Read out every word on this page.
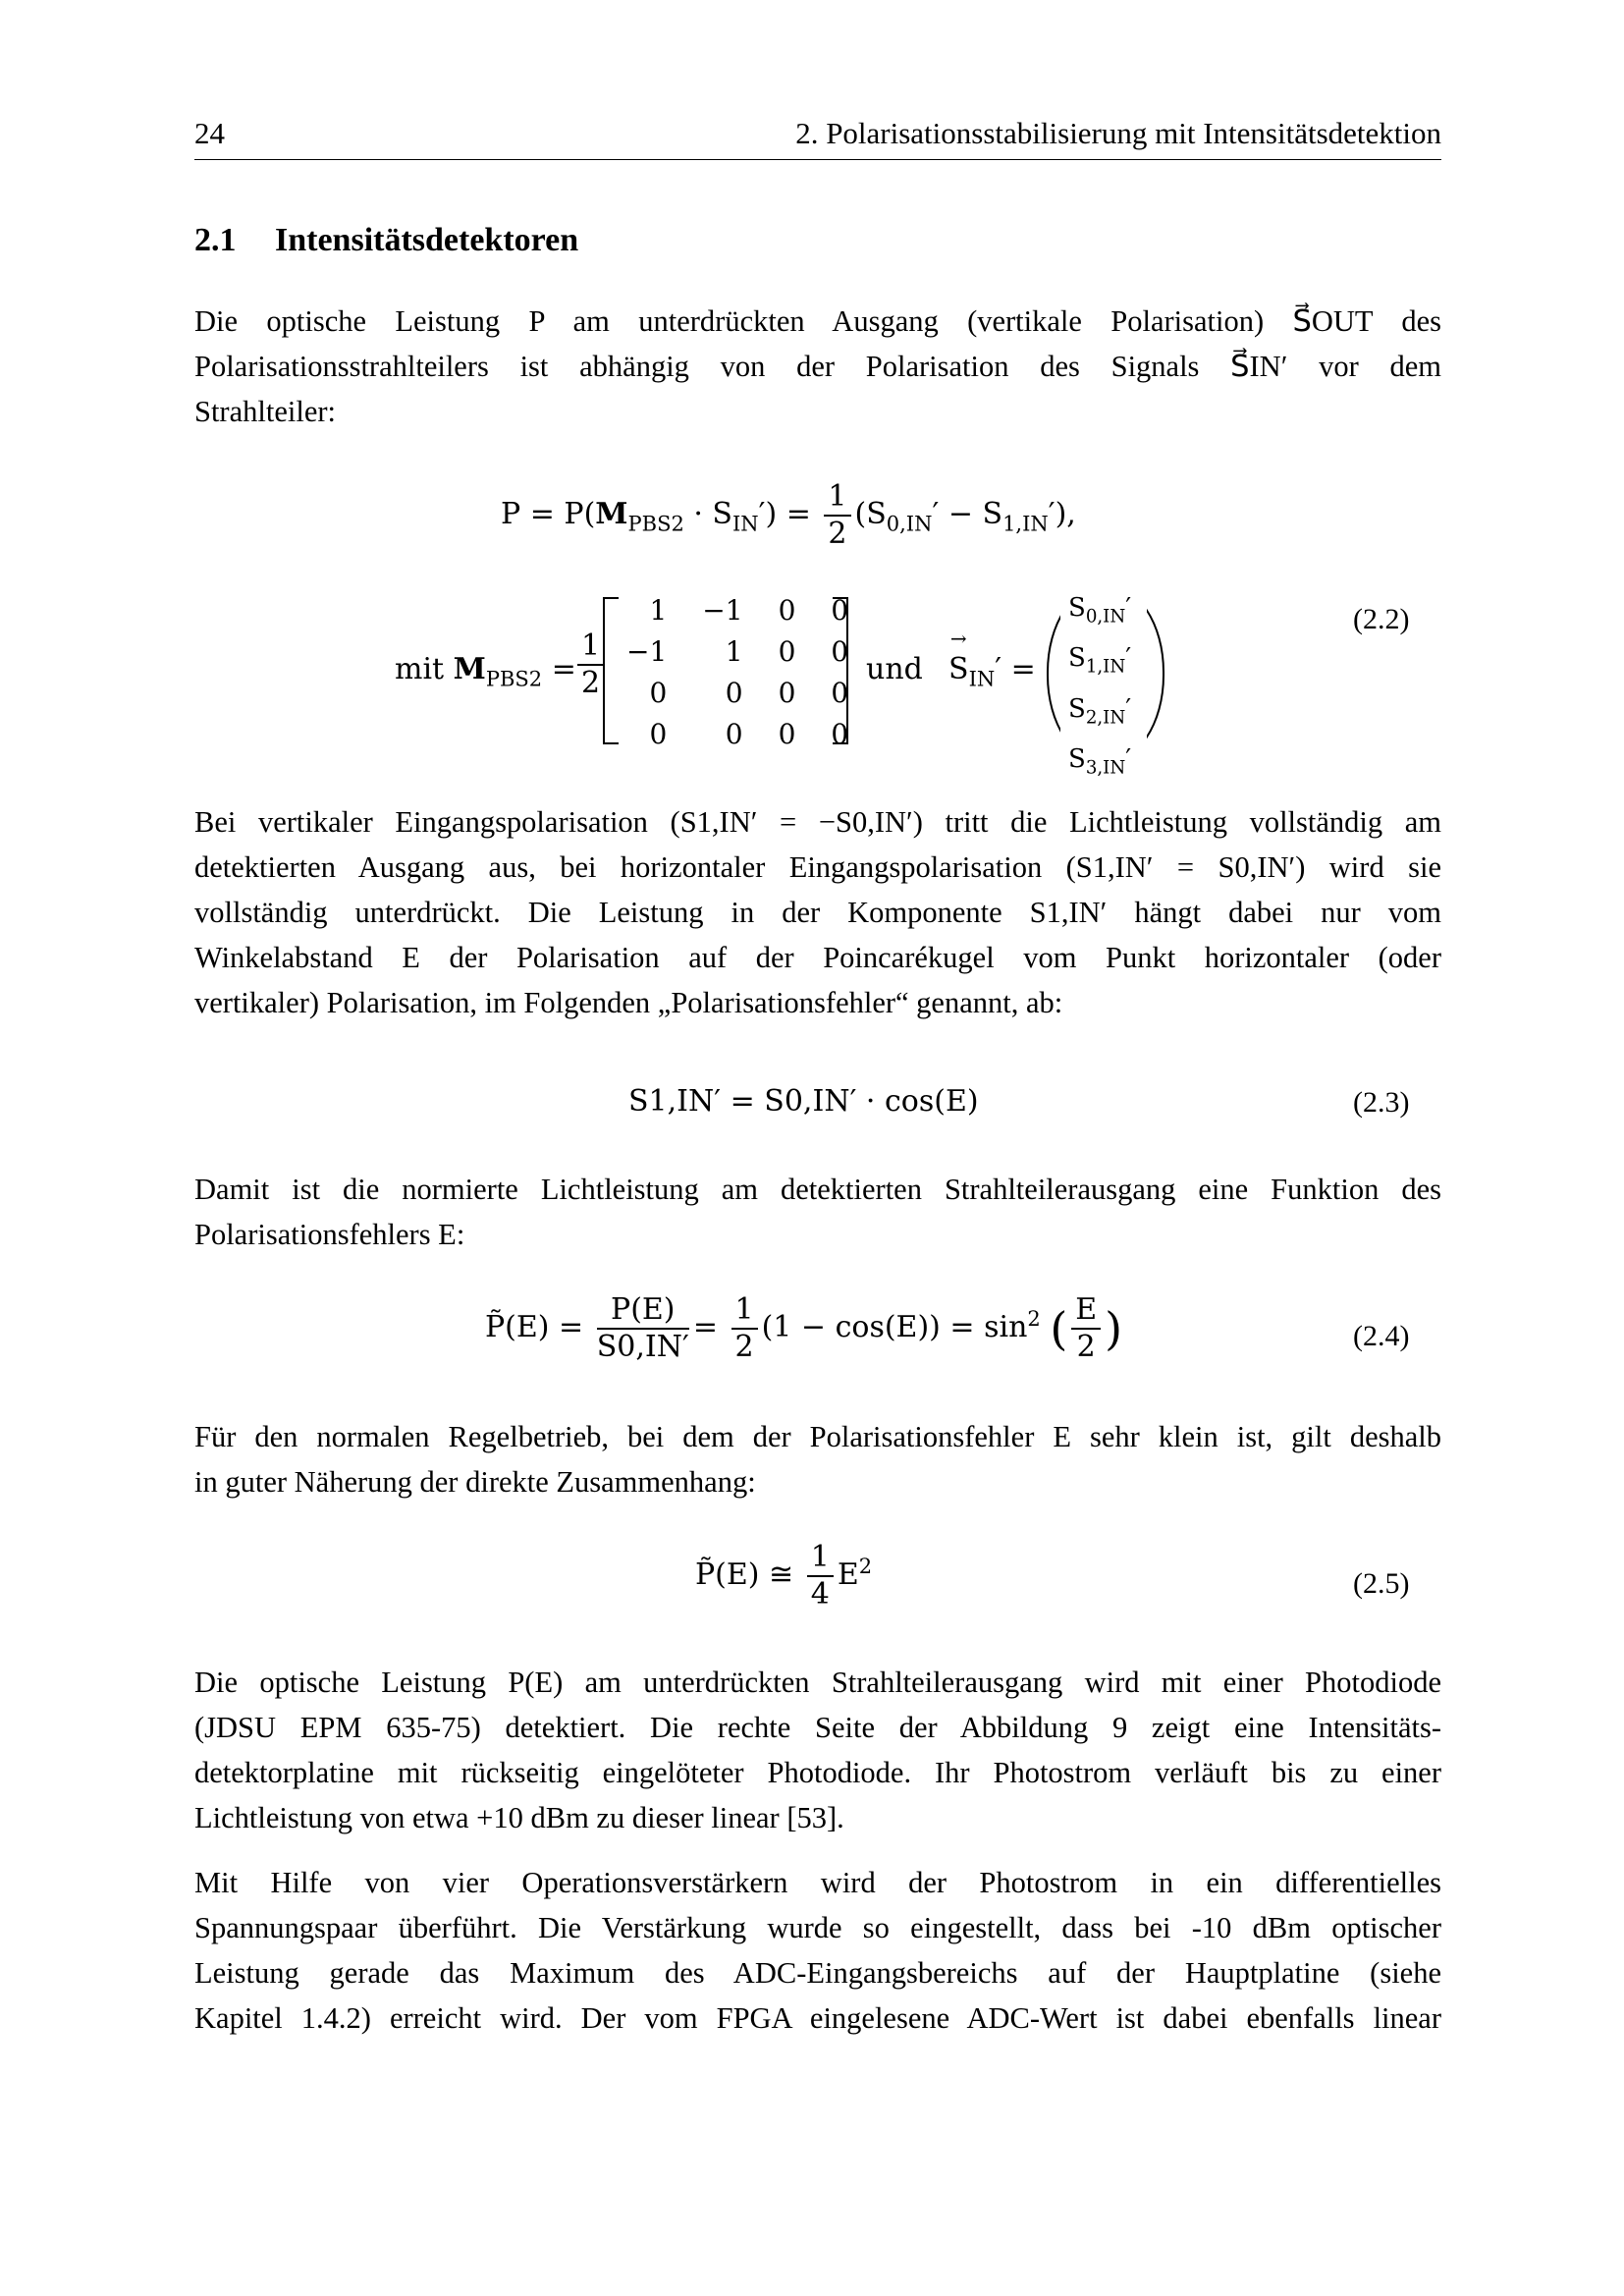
24	2. Polarisationsstabilisierung mit Intensitätsdetektion
2.1 Intensitätsdetektoren
Die optische Leistung P am unterdrückten Ausgang (vertikale Polarisation) S⃗OUT des
Polarisationsstrahlteilers ist abhängig von der Polarisation des Signals S⃗IN′ vor dem
Strahlteiler:
$P = P(M_{PBS2} \cdot S_{IN}') = \frac{1}{2} (S_{0,IN}' - S_{1,IN}')$,
mit $M_{PBS2} = \frac{1}{2}$
1	−1	0	0
−1	1	0	0
0	0	0	0
0	0	0	0
und → $S_{IN}'$ =
$S_{0,IN}'$
$S_{1,IN}'$
$S_{2,IN}'$
$S_{3,IN}'$
(2.2)
Bei vertikaler Eingangspolarisation (S1,IN′ = −S0,IN′) tritt die Lichtleistung vollständig am
detektierten Ausgang aus, bei horizontaler Eingangspolarisation (S1,IN′ = S0,IN′) wird sie
vollständig unterdrückt. Die Leistung in der Komponente S1,IN′ hängt dabei nur vom
Winkelabstand E der Polarisation auf der Poincarékugel vom Punkt horizontaler (oder
vertikaler) Polarisation, im Folgenden „Polarisationsfehler“ genannt, ab:
S1,IN′ = S0,IN′ · cos(E)	(2.3)
Damit ist die normierte Lichtleistung am detektierten Strahlteilerausgang eine Funktion des
Polarisationsfehlers E:
P̃(E) = $\frac{P(E)}{S0,IN'} = \frac{1}{2} (1 - \cos(E)) = \sin^2$ ( $\frac{E}{2}$ )	(2.4)
Für den normalen Regelbetrieb, bei dem der Polarisationsfehler E sehr klein ist, gilt deshalb
in guter Näherung der direkte Zusammenhang:
P̃(E) ≅ $\frac{1}{4} E^2$
(2.5)
Die optische Leistung P(E) am unterdrückten Strahlteilerausgang wird mit einer Photodiode
(JDSU EPM 635-75) detektiert. Die rechte Seite der Abbildung 9 zeigt eine Intensitäts-
detektorplatine mit rückseitig eingelöteter Photodiode. Ihr Photostrom verläuft bis zu einer
Lichtleistung von etwa +10 dBm zu dieser linear [53].
Mit Hilfe von vier Operationsverstärkern wird der Photostrom in ein differentielles
Spannungspaar überführt. Die Verstärkung wurde so eingestellt, dass bei -10 dBm optischer
Leistung gerade das Maximum des ADC-Eingangsbereichs auf der Hauptplatine (siehe
Kapitel 1.4.2) erreicht wird. Der vom FPGA eingelesene ADC-Wert ist dabei ebenfalls linear
